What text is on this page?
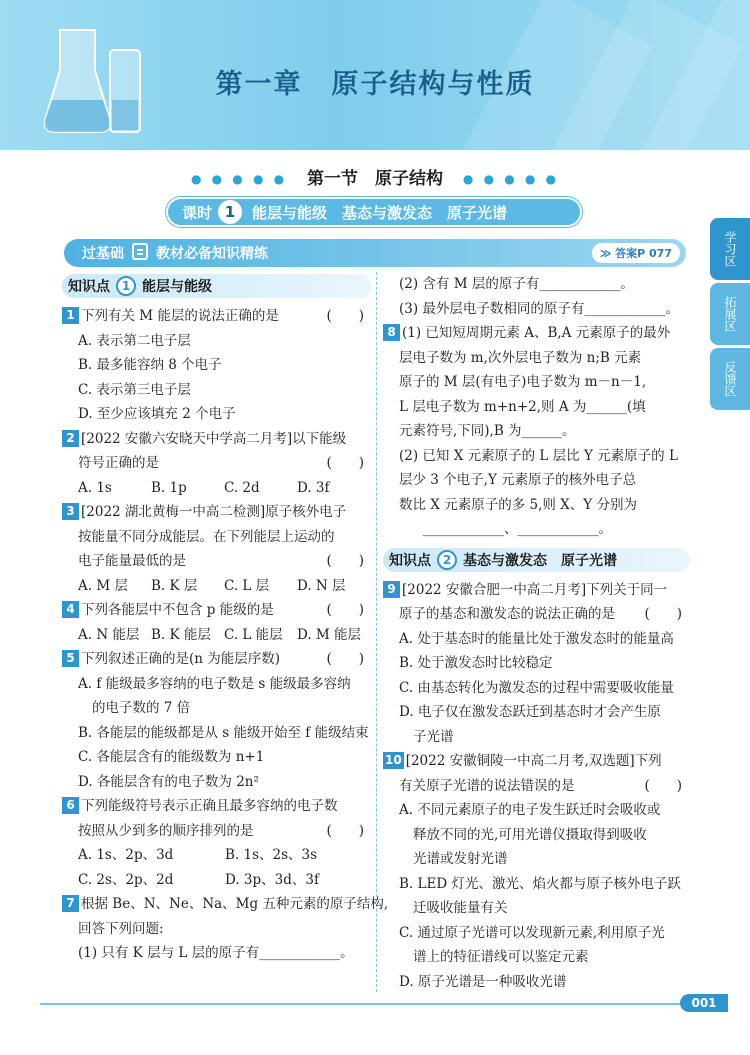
第一章　原子结构与性质
● ● ● ● ● 第一节　原子结构 ● ● ● ● ●
课时 1	能层与能级　基态与激发态　原子光谱
过基础 教材必备知识精练	≫ 答案P 077	学习区
拓展区
反馈区
知识点 1 能层与能级
1 下列有关 M 能层的说法正确的是	(　　)
A. 表示第二电子层
B. 最多能容纳 8 个电子
C. 表示第三电子层
D. 至少应该填充 2 个电子
2 [2022 安徽六安晓天中学高二月考]以下能级
符号正确的是	(　　)
A. 1s	B. 1p	C. 2d	D. 3f
3 [2022 湖北黄梅一中高二检测]原子核外电子
按能量不同分成能层。在下列能层上运动的
电子能量最低的是	(　　)
A. M 层	B. K 层	C. L 层	D. N 层
4 下列各能层中不包含 p 能级的是	(　　)
A. N 能层 B. K 能层 C. L 能层	D. M 能层
5 下列叙述正确的是(n 为能层序数)	(　　)
A. f 能级最多容纳的电子数是 s 能级最多容纳
的电子数的 7 倍
B. 各能层的能级都是从 s 能级开始至 f 能级结束
C. 各能层含有的能级数为 n+1
D. 各能层含有的电子数为 2n²
6 下列能级符号表示正确且最多容纳的电子数
按照从少到多的顺序排列的是	(　　)
A. 1s、2p、3d	B. 1s、2s、3s
C. 2s、2p、2d	D. 3p、3d、3f
7 根据 Be、N、Ne、Na、Mg 五种元素的原子结构,
回答下列问题:
(1) 只有 K 层与 L 层的原子有____________。
(2) 含有 M 层的原子有____________。
(3) 最外层电子数相同的原子有____________。
8 (1) 已知短周期元素 A、B,A 元素原子的最外
层电子数为 m,次外层电子数为 n;B 元素
原子的 M 层(有电子)电子数为 m－n－1,
L 层电子数为 m+n+2,则 A 为______(填
元素符号,下同),B 为______。
(2) 已知 X 元素原子的 L 层比 Y 元素原子的 L
层少 3 个电子,Y 元素原子的核外电子总
数比 X 元素原子的多 5,则 X、Y 分别为
____________、____________。
知识点 2 基态与激发态　原子光谱
9 [2022 安徽合肥一中高二月考]下列关于同一
原子的基态和激发态的说法正确的是 (　　)
A. 处于基态时的能量比处于激发态时的能量高
B. 处于激发态时比较稳定
C. 由基态转化为激发态的过程中需要吸收能量
D. 电子仅在激发态跃迁到基态时才会产生原
子光谱
10 [2022 安徽铜陵一中高二月考,双选题]下列
有关原子光谱的说法错误的是	(　　)
A. 不同元素原子的电子发生跃迁时会吸收或
释放不同的光,可用光谱仪摄取得到吸收
光谱或发射光谱
B. LED 灯光、激光、焰火都与原子核外电子跃
迁吸收能量有关
C. 通过原子光谱可以发现新元素,利用原子光
谱上的特征谱线可以鉴定元素
D. 原子光谱是一种吸收光谱
001
